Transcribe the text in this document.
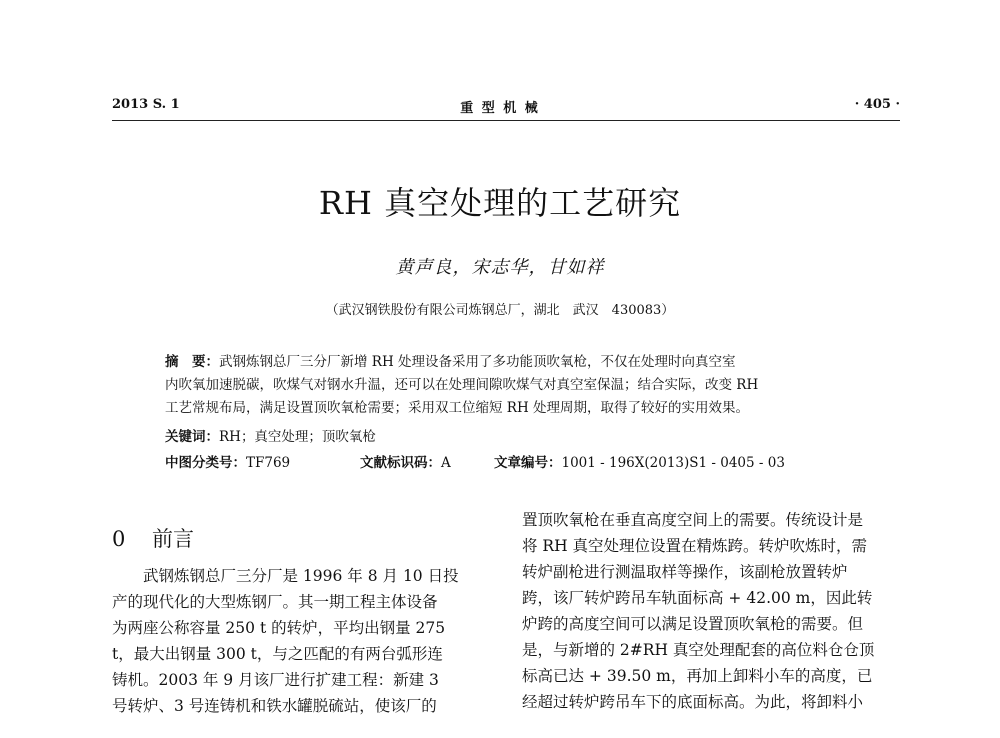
2013 S. 1	重 型 机 械	· 405 ·
RH 真空处理的工艺研究
黄声良，宋志华，甘如祥
（武汉钢铁股份有限公司炼钢总厂，湖北　武汉　430083）
摘　要：武钢炼钢总厂三分厂新增 RH 处理设备采用了多功能顶吹氧枪，不仅在处理时向真空室
内吹氧加速脱碳，吹煤气对钢水升温，还可以在处理间隙吹煤气对真空室保温；结合实际，改变 RH
工艺常规布局，满足设置顶吹氧枪需要；采用双工位缩短 RH 处理周期，取得了较好的实用效果。
关键词：RH；真空处理；顶吹氧枪
中图分类号：TF769	文献标识码：A	文章编号：1001 - 196X(2013)S1 - 0405 - 03
0 前言
　　武钢炼钢总厂三分厂是 1996 年 8 月 10 日投
产的现代化的大型炼钢厂。其一期工程主体设备
为两座公称容量 250 t 的转炉，平均出钢量 275
t，最大出钢量 300 t，与之匹配的有两台弧形连
铸机。2003 年 9 月该厂进行扩建工程：新建 3
号转炉、3 号连铸机和铁水罐脱硫站，使该厂的
置顶吹氧枪在垂直高度空间上的需要。传统设计是
将 RH 真空处理位设置在精炼跨。转炉吹炼时，需
转炉副枪进行测温取样等操作，该副枪放置转炉
跨，该厂转炉跨吊车轨面标高 + 42.00 m，因此转
炉跨的高度空间可以满足设置顶吹氧枪的需要。但
是，与新增的 2#RH 真空处理配套的高位料仓仓顶
标高已达 + 39.50 m，再加上卸料小车的高度，已
经超过转炉跨吊车下的底面标高。为此，将卸料小
